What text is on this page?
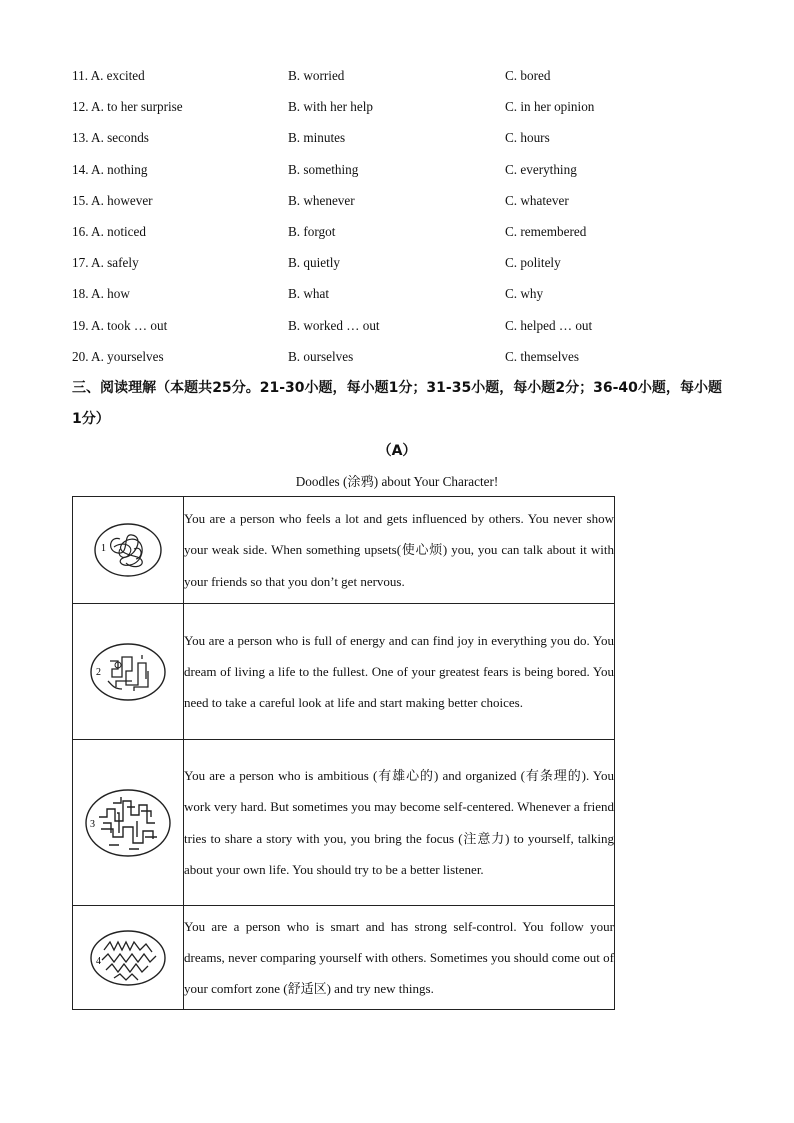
11. A. excited	B. worried	C. bored
12. A. to her surprise	B. with her help	C. in her opinion
13. A. seconds	B. minutes	C. hours
14. A. nothing	B. something	C. everything
15. A. however	B. whenever	C. whatever
16. A. noticed	B. forgot	C. remembered
17. A. safely	B. quietly	C. politely
18. A. how	B. what	C. why
19. A. took … out	B. worked … out	C. helped … out
20. A. yourselves	B. ourselves	C. themselves
三、阅读理解（本题共25分。21-30小题，每小题1分；31-35小题，每小题2分；36-40小题，每小题1分）
（A）
Doodles (涂鸦) about Your Character!
1	You are a person who feels a lot and gets influenced by others. You never show your weak side. When something upsets(使心烦) you, you can talk about it with your friends so that you don’t get nervous.

2	You are a person who is full of energy and can find joy in everything you do. You dream of living a life to the fullest. One of your greatest fears is being bored. You need to take a careful look at life and start making better choices.

3	You are a person who is ambitious (有雄心的) and organized (有条理的). You work very hard. But sometimes you may become self-centered. Whenever a friend tries to share a story with you, you bring the focus (注意力) to yourself, talking about your own life. You should try to be a better listener.

4	You are a person who is smart and has strong self-control. You follow your dreams, never comparing yourself with others. Sometimes you should come out of your comfort zone (舒适区) and try new things.
